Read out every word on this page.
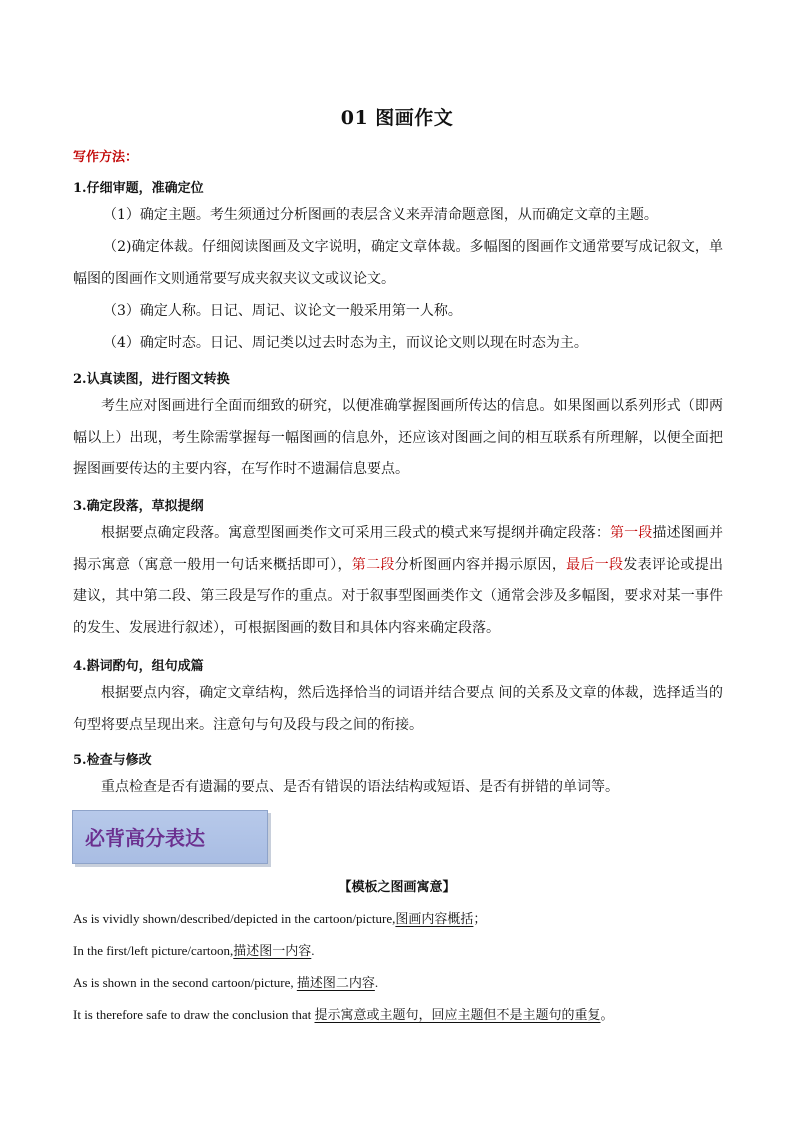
01 图画作文
写作方法：
1.仔细审题，准确定位
（1）确定主题。考生须通过分析图画的表层含义来弄清命题意图，从而确定文章的主题。
（2)确定体裁。仔细阅读图画及文字说明，确定文章体裁。多幅图的图画作文通常要写成记叙文，单幅图的图画作文则通常要写成夹叙夹议文或议论文。
（3）确定人称。日记、周记、议论文一般采用第一人称。
（4）确定时态。日记、周记类以过去时态为主，而议论文则以现在时态为主。
2.认真读图，进行图文转换
考生应对图画进行全面而细致的研究，以便准确掌握图画所传达的信息。如果图画以系列形式（即两幅以上）出现，考生除需掌握每一幅图画的信息外，还应该对图画之间的相互联系有所理解，以便全面把握图画要传达的主要内容，在写作时不遗漏信息要点。
3.确定段落，草拟提纲
根据要点确定段落。寓意型图画类作文可采用三段式的模式来写提纲并确定段落：第一段描述图画并揭示寓意（寓意一般用一句话来概括即可），第二段分析图画内容并揭示原因，最后一段发表评论或提出建议，其中第二段、第三段是写作的重点。对于叙事型图画类作文（通常会涉及多幅图，要求对某一事件的发生、发展进行叙述），可根据图画的数目和具体内容来确定段落。
4.斟词酌句，组句成篇
根据要点内容，确定文章结构，然后选择恰当的词语并结合要点 间的关系及文章的体裁，选择适当的句型将要点呈现出来。注意句与句及段与段之间的衔接。
5.检查与修改
重点检查是否有遗漏的要点、是否有错误的语法结构或短语、是否有拼错的单词等。
必背高分表达
【模板之图画寓意】
As is vividly shown/described/depicted in the cartoon/picture,图画内容概括；
In the first/left picture/cartoon,描述图一内容.
As is shown in the second cartoon/picture, 描述图二内容.
It is therefore safe to draw the conclusion that 提示寓意或主题句，回应主题但不是主题句的重复。
